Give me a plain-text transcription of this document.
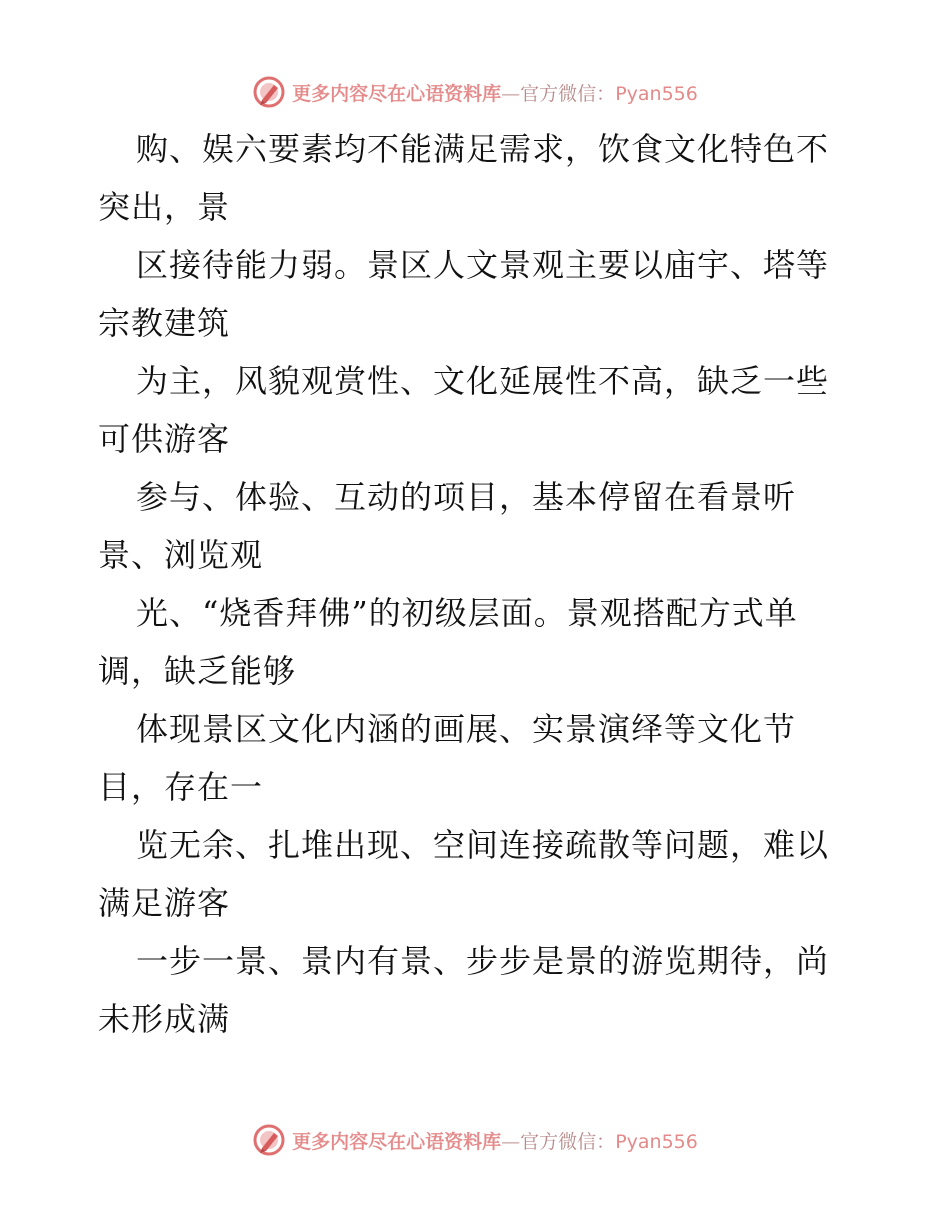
更多内容尽在心语资料库—官方微信：Pyan556

购、娱六要素均不能满足需求，饮食文化特色不
突出，景

区接待能力弱。景区人文景观主要以庙宇、塔等
宗教建筑

为主，风貌观赏性、文化延展性不高，缺乏一些
可供游客

参与、体验、互动的项目，基本停留在看景听
景、浏览观

光、“烧香拜佛”的初级层面。景观搭配方式单
调，缺乏能够

体现景区文化内涵的画展、实景演绎等文化节
目，存在一

览无余、扎堆出现、空间连接疏散等问题，难以
满足游客

一步一景、景内有景、步步是景的游览期待，尚
未形成满

更多内容尽在心语资料库—官方微信：Pyan556
